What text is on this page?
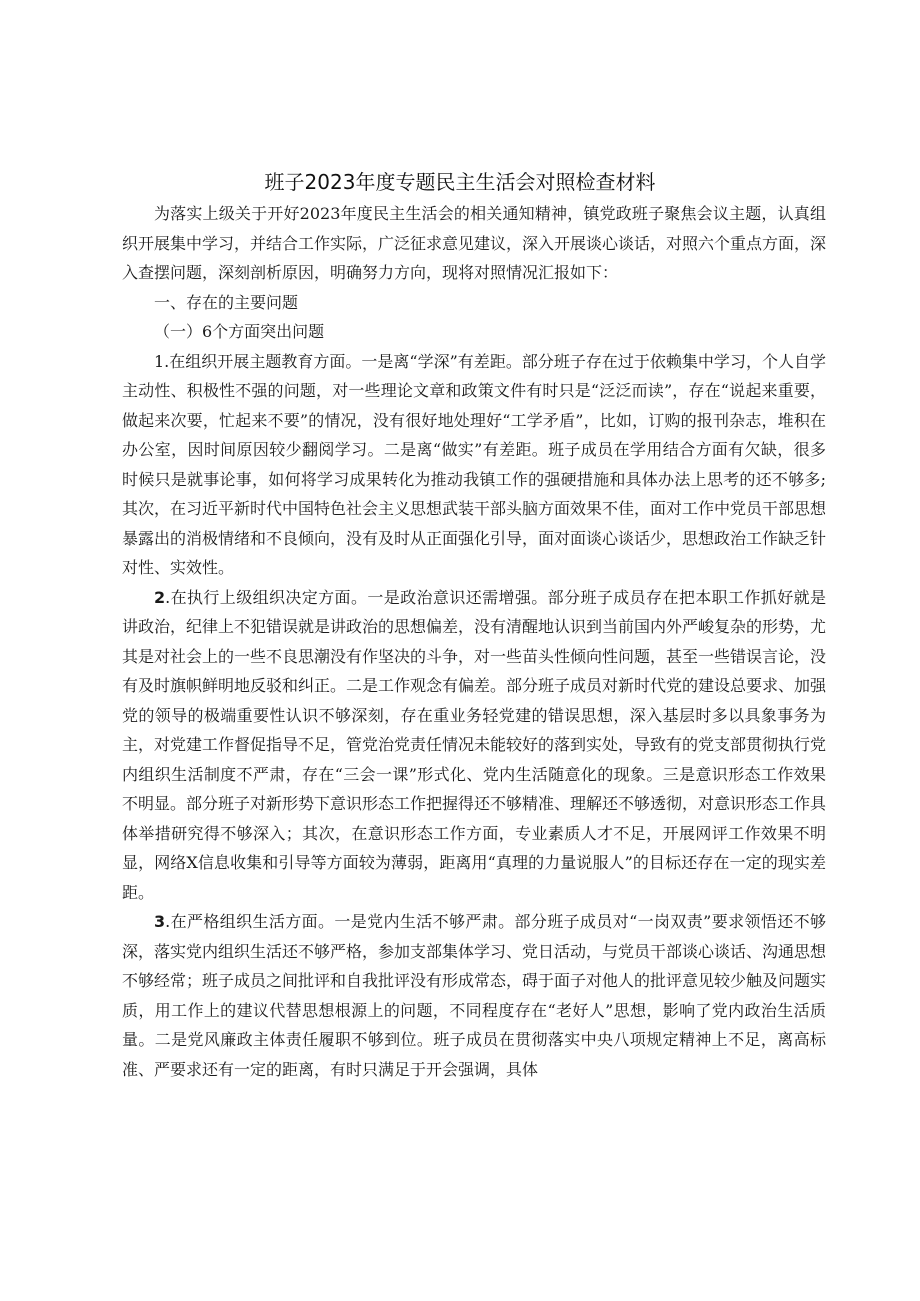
班子2023年度专题民主生活会对照检查材料

为落实上级关于开好2023年度民主生活会的相关通知精神，镇党政班子聚焦会议主题，认真组织开展集中学习，并结合工作实际，广泛征求意见建议，深入开展谈心谈话，对照六个重点方面，深入查摆问题，深刻剖析原因，明确努力方向，现将对照情况汇报如下：

一、存在的主要问题

（一）6个方面突出问题

1.在组织开展主题教育方面。一是离“学深”有差距。部分班子存在过于依赖集中学习，个人自学主动性、积极性不强的问题，对一些理论文章和政策文件有时只是“泛泛而读”，存在“说起来重要，做起来次要，忙起来不要”的情况，没有很好地处理好“工学矛盾”，比如，订购的报刊杂志，堆积在办公室，因时间原因较少翻阅学习。二是离“做实”有差距。班子成员在学用结合方面有欠缺，很多时候只是就事论事，如何将学习成果转化为推动我镇工作的强硬措施和具体办法上思考的还不够多;其次，在习近平新时代中国特色社会主义思想武装干部头脑方面效果不佳，面对工作中党员干部思想暴露出的消极情绪和不良倾向，没有及时从正面强化引导，面对面谈心谈话少，思想政治工作缺乏针对性、实效性。

2.在执行上级组织决定方面。一是政治意识还需增强。部分班子成员存在把本职工作抓好就是讲政治，纪律上不犯错误就是讲政治的思想偏差，没有清醒地认识到当前国内外严峻复杂的形势，尤其是对社会上的一些不良思潮没有作坚决的斗争，对一些苗头性倾向性问题，甚至一些错误言论，没有及时旗帜鲜明地反驳和纠正。二是工作观念有偏差。部分班子成员对新时代党的建设总要求、加强党的领导的极端重要性认识不够深刻，存在重业务轻党建的错误思想，深入基层时多以具象事务为主，对党建工作督促指导不足，管党治党责任情况未能较好的落到实处，导致有的党支部贯彻执行党内组织生活制度不严肃，存在“三会一课”形式化、党内生活随意化的现象。三是意识形态工作效果不明显。部分班子对新形势下意识形态工作把握得还不够精准、理解还不够透彻，对意识形态工作具体举措研究得不够深入；其次，在意识形态工作方面，专业素质人才不足，开展网评工作效果不明显，网络X信息收集和引导等方面较为薄弱，距离用“真理的力量说服人”的目标还存在一定的现实差距。

3.在严格组织生活方面。一是党内生活不够严肃。部分班子成员对“一岗双责”要求领悟还不够深，落实党内组织生活还不够严格，参加支部集体学习、党日活动，与党员干部谈心谈话、沟通思想不够经常；班子成员之间批评和自我批评没有形成常态，碍于面子对他人的批评意见较少触及问题实质，用工作上的建议代替思想根源上的问题，不同程度存在“老好人”思想，影响了党内政治生活质量。二是党风廉政主体责任履职不够到位。班子成员在贯彻落实中央八项规定精神上不足，离高标准、严要求还有一定的距离，有时只满足于开会强调，具体
